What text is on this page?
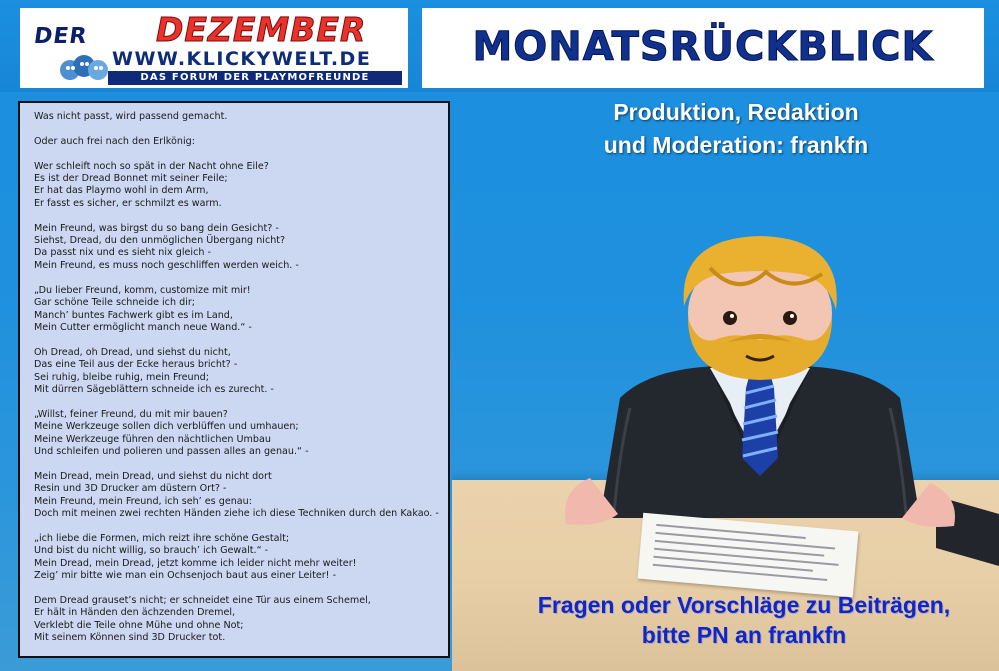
DER DEZEMBER
WWW.KLICKYWELT.DE
DAS FORUM DER PLAYMOFREUNDE
MONATSRÜCKBLICK
Was nicht passt, wird passend gemacht.

Oder auch frei nach den Erlkönig:

Wer schleift noch so spät in der Nacht ohne Eile?
Es ist der Dread Bonnet mit seiner Feile;
Er hat das Playmo wohl in dem Arm,
Er fasst es sicher, er schmilzt es warm.

Mein Freund, was birgst du so bang dein Gesicht? -
Siehst, Dread, du den unmöglichen Übergang nicht?
Da passt nix und es sieht nix gleich -
Mein Freund, es muss noch geschliffen werden weich. -

„Du lieber Freund, komm, customize mit mir!
Gar schöne Teile schneide ich dir;
Manch’ buntes Fachwerk gibt es im Land,
Mein Cutter ermöglicht manch neue Wand.“ -

Oh Dread, oh Dread, und siehst du nicht,
Das eine Teil aus der Ecke heraus bricht? -
Sei ruhig, bleibe ruhig, mein Freund;
Mit dürren Sägeblättern schneide ich es zurecht. -

„Willst, feiner Freund, du mit mir bauen?
Meine Werkzeuge sollen dich verblüffen und umhauen;
Meine Werkzeuge führen den nächtlichen Umbau
Und schleifen und polieren und passen alles an genau.“ -

Mein Dread, mein Dread, und siehst du nicht dort
Resin und 3D Drucker am düstern Ort? -
Mein Freund, mein Freund, ich seh’ es genau:
Doch mit meinen zwei rechten Händen ziehe ich diese Techniken durch den Kakao. -

„ich liebe die Formen, mich reizt ihre schöne Gestalt;
Und bist du nicht willig, so brauch’ ich Gewalt.“ -
Mein Dread, mein Dread, jetzt komme ich leider nicht mehr weiter!
Zeig’ mir bitte wie man ein Ochsenjoch baut aus einer Leiter! -

Dem Dread grauset’s nicht; er schneidet eine Tür aus einem Schemel,
Er hält in Händen den ächzenden Dremel,
Verklebt die Teile ohne Mühe und ohne Not;
Mit seinem Können sind 3D Drucker tot.
Produktion, Redaktion
und Moderation: frankfn
Fragen oder Vorschläge zu Beiträgen,
bitte PN an frankfn
